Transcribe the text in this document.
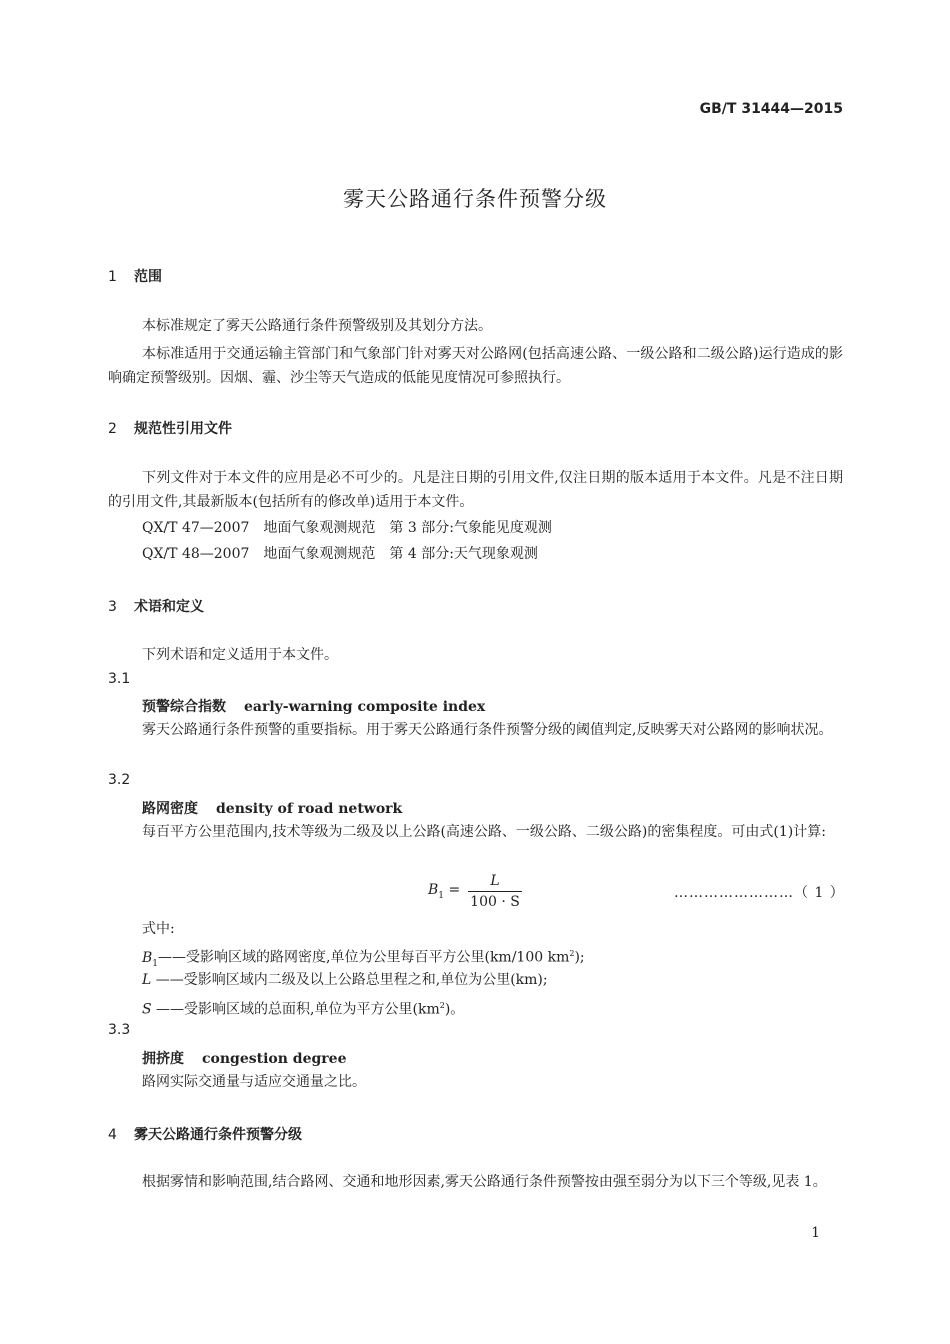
GB/T 31444—2015
雾天公路通行条件预警分级
1 范围
本标准规定了雾天公路通行条件预警级别及其划分方法。
本标准适用于交通运输主管部门和气象部门针对雾天对公路网(包括高速公路、一级公路和二级公路)运行造成的影响确定预警级别。因烟、霾、沙尘等天气造成的低能见度情况可参照执行。
2 规范性引用文件
下列文件对于本文件的应用是必不可少的。凡是注日期的引用文件,仅注日期的版本适用于本文件。凡是不注日期的引用文件,其最新版本(包括所有的修改单)适用于本文件。
QX/T 47—2007　地面气象观测规范　第 3 部分:气象能见度观测
QX/T 48—2007　地面气象观测规范　第 4 部分:天气现象观测
3 术语和定义
下列术语和定义适用于本文件。
3.1
预警综合指数 early-warning composite index
雾天公路通行条件预警的重要指标。用于雾天公路通行条件预警分级的阈值判定,反映雾天对公路网的影响状况。
3.2
路网密度 density of road network
每百平方公里范围内,技术等级为二级及以上公路(高速公路、一级公路、二级公路)的密集程度。可由式(1)计算:
$B_1$ =
L
100 · S
……………………（ 1 ）
式中:
$B_1——$受影响区域的路网密度,单位为公里每百平方公里(km/100 $km^2$);
L ——受影响区域内二级及以上公路总里程之和,单位为公里(km);
S ——受影响区域的总面积,单位为平方公里$(km^2)$。
3.3
拥挤度 congestion degree
路网实际交通量与适应交通量之比。
4 雾天公路通行条件预警分级
根据雾情和影响范围,结合路网、交通和地形因素,雾天公路通行条件预警按由强至弱分为以下三个等级,见表 1。
1
